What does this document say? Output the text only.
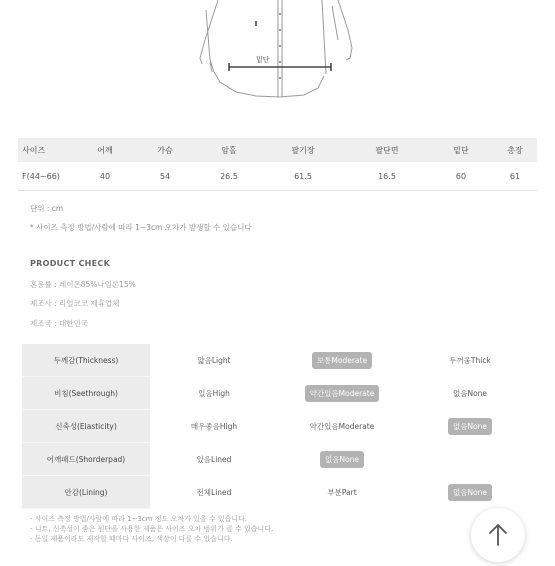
밑단
사이즈	어깨	가슴	암홀	팔기장	팔단면	밑단	총장
F(44~66)	40	54	26.5	61.5	16.5	60	61
단위 : cm
* 사이즈 측정 방법/사람에 따라 1~3cm 오차가 발생할 수 있습니다
PRODUCT CHECK
혼용률 : 레이온85%나일론15%
제조사 : 리얼코코 제휴업체
제조국 : 대한민국
두께감(Thickness)	얇음Light	보통Moderate	두꺼움Thick
비침(Seethrough)	있음High	약간있음Moderate	없음None
신축성(Elasticity)	매우좋음High	약간있음Moderate	없음None
어깨패드(Shorderpad)	있음Lined	없음None	
안감(Lining)	전체Lined	부분Part	없음None
- 사이즈 측정 방법/사람에 따라 1~3cm 정도 오차가 있을 수 있습니다.
- 니트, 신축성이 좋은 원단을 사용한 제품은 사이즈 오차 범위가 클 수 있습니다.
- 동일 제품이라도 제작할 때마다 사이즈, 색상이 다를 수 있습니다.
